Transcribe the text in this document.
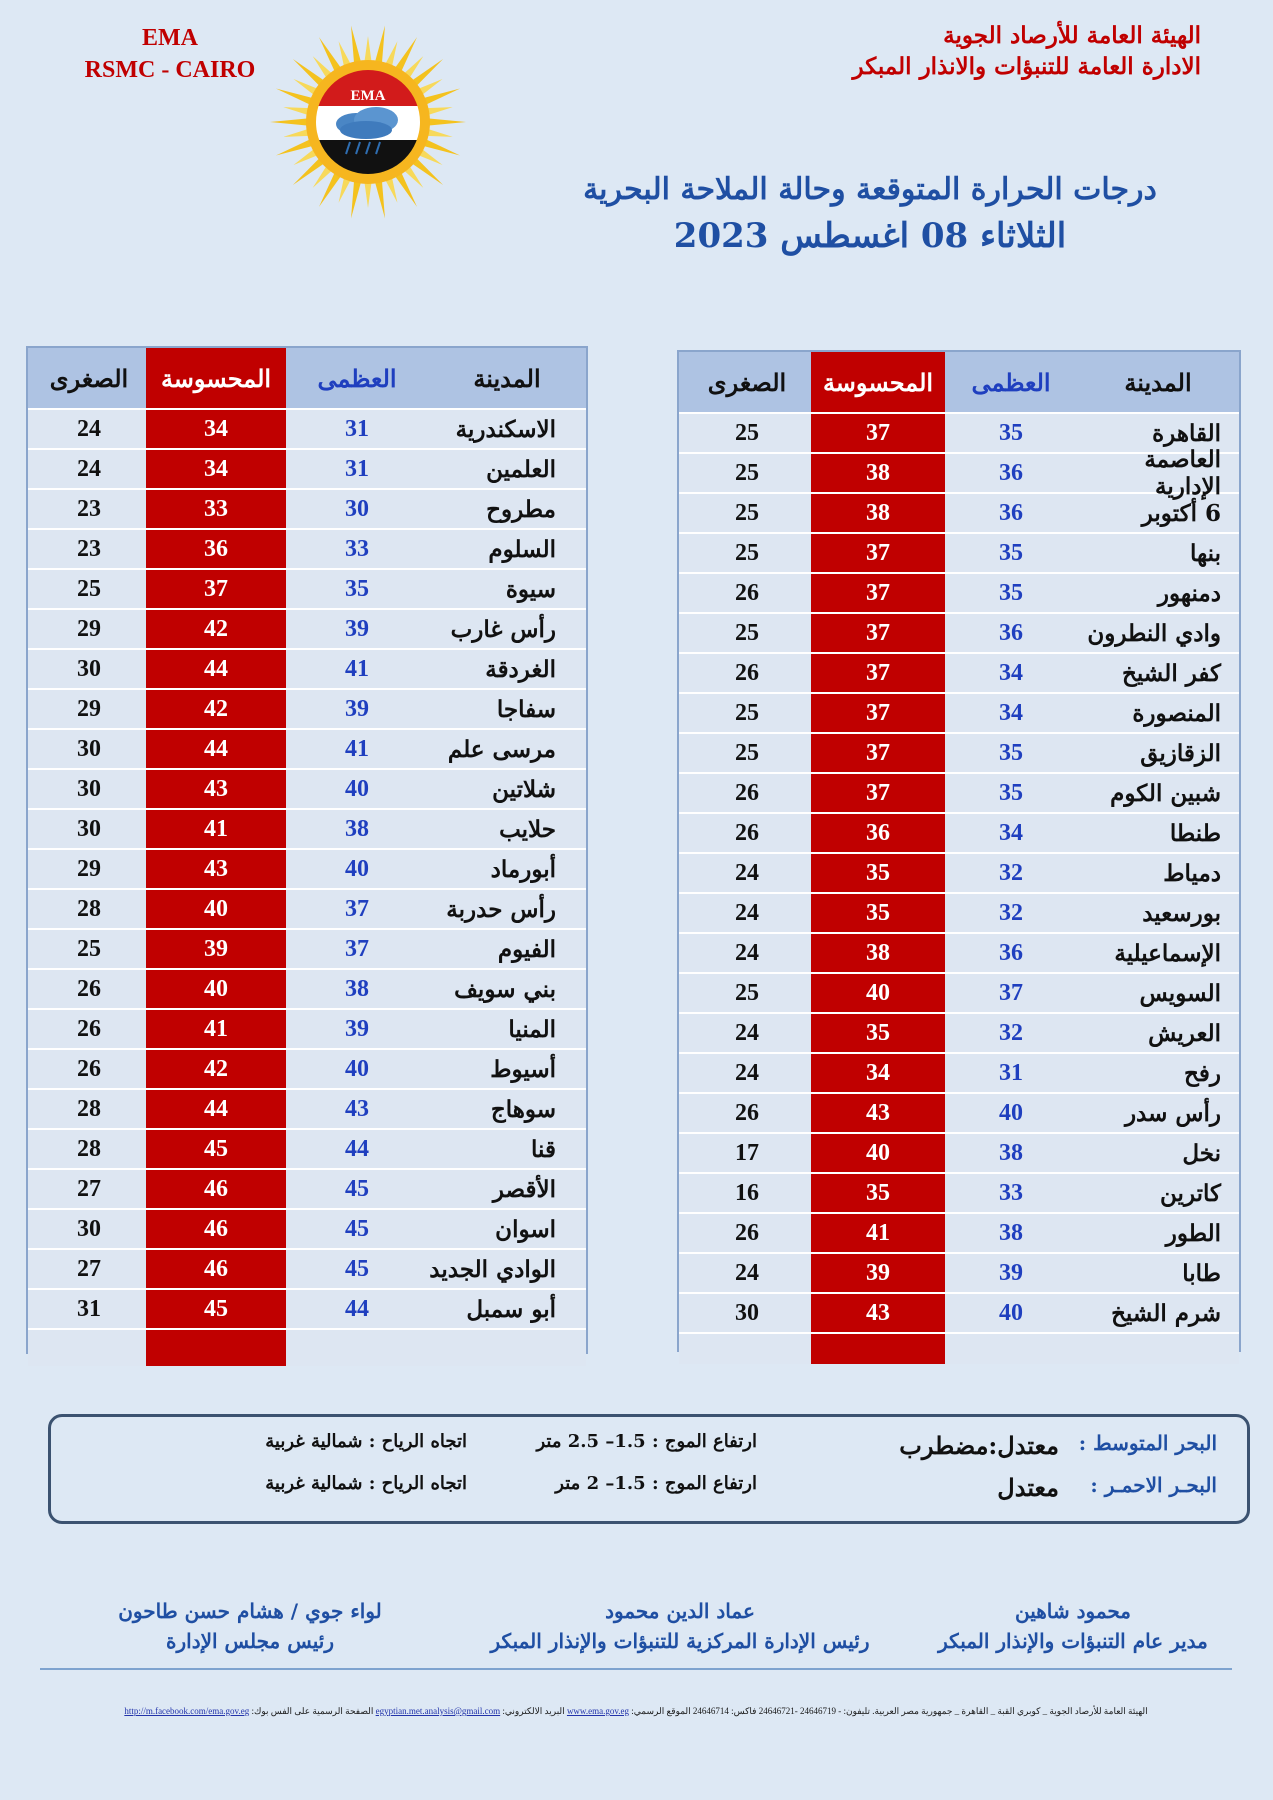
EMA
RSMC - CAIRO
EMA
الهيئة العامة للأرصاد الجوية
الادارة العامة للتنبؤات والانذار المبكر
درجات الحرارة المتوقعة وحالة الملاحة البحرية
الثلاثاء 08 اغسطس 2023
المدينة
العظمى
المحسوسة
الصغرى
الاسكندرية
31
34
24
العلمين
31
34
24
مطروح
30
33
23
السلوم
33
36
23
سيوة
35
37
25
رأس غارب
39
42
29
الغردقة
41
44
30
سفاجا
39
42
29
مرسى علم
41
44
30
شلاتين
40
43
30
حلايب
38
41
30
أبورماد
40
43
29
رأس حدربة
37
40
28
الفيوم
37
39
25
بني سويف
38
40
26
المنيا
39
41
26
أسيوط
40
42
26
سوهاج
43
44
28
قنا
44
45
28
الأقصر
45
46
27
اسوان
45
46
30
الوادي الجديد
45
46
27
أبو سمبل
44
45
31
المدينة
العظمى
المحسوسة
الصغرى
القاهرة
35
37
25
العاصمة الإدارية
36
38
25
6 أكتوبر
36
38
25
بنها
35
37
25
دمنهور
35
37
26
وادي النطرون
36
37
25
كفر الشيخ
34
37
26
المنصورة
34
37
25
الزقازيق
35
37
25
شبين الكوم
35
37
26
طنطا
34
36
26
دمياط
32
35
24
بورسعيد
32
35
24
الإسماعيلية
36
38
24
السويس
37
40
25
العريش
32
35
24
رفح
31
34
24
رأس سدر
40
43
26
نخل
38
40
17
كاترين
33
35
16
الطور
38
41
26
طابا
39
39
24
شرم الشيخ
40
43
30
البحر المتوسط :
معتدل:مضطرب
ارتفاع الموج : 1.5– 2.5 متر
اتجاه الرياح : شمالية غربية
البحـر الاحمـر :
معتدل
ارتفاع الموج : 1.5– 2 متر
اتجاه الرياح : شمالية غربية
محمود شاهين
مدير عام التنبؤات والإنذار المبكر
عماد الدين محمود
رئيس الإدارة المركزية للتنبؤات والإنذار المبكر
لواء جوي / هشام حسن طاحون
رئيس مجلس الإدارة
الهيئة العامة للأرصاد الجوية _ كوبري القبة _ القاهرة _ جمهورية مصر العربية. تليفون: - 24646719 -24646721 فاكس: 24646714 الموقع الرسمي: www.ema.gov.eg البريد الالكتروني: egyptian.met.analysis@gmail.com الصفحة الرسمية على الفس بوك: http://m.facebook.com/ema.gov.eg
